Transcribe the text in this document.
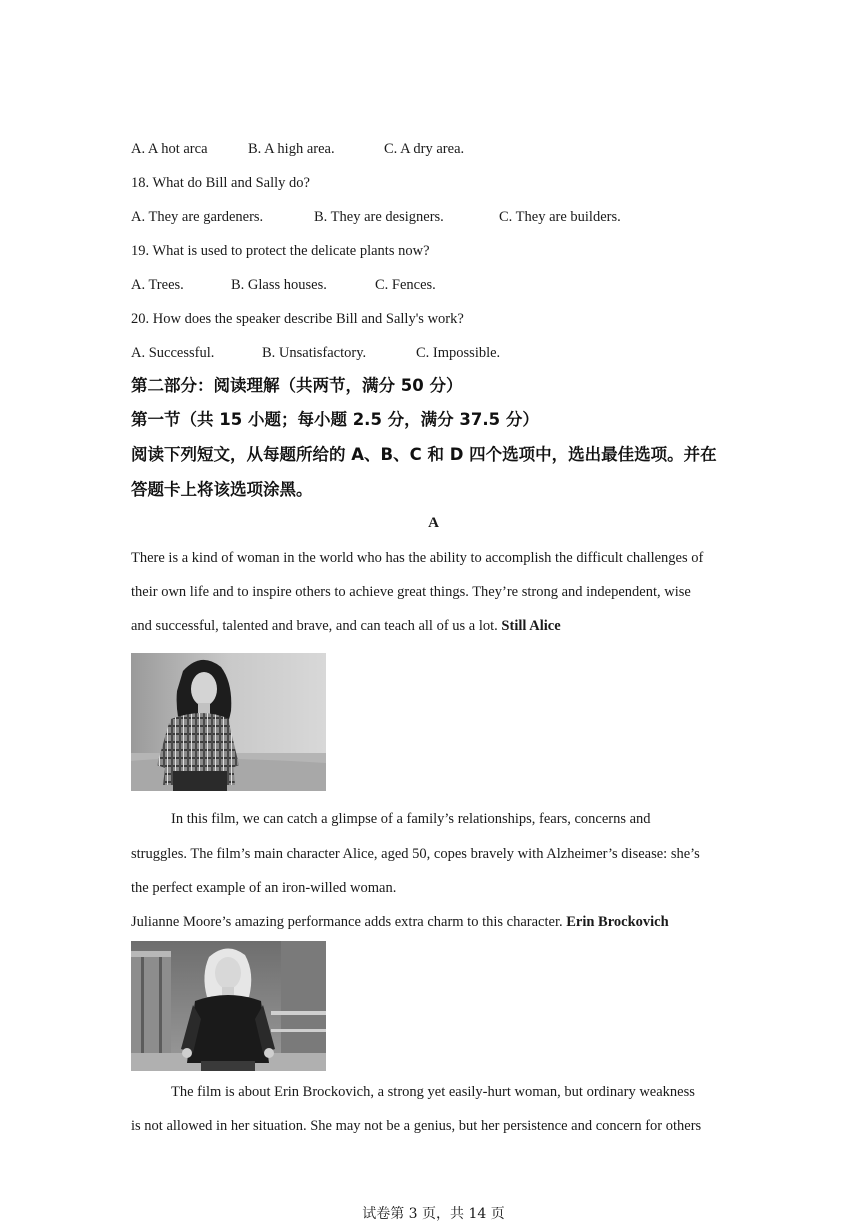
A. A hot arca	B. A high area.	C. A dry area.
18. What do Bill and Sally do?
A. They are gardeners.	B. They are designers.	C. They are builders.
19. What is used to protect the delicate plants now?
A. Trees.	B. Glass houses.	C. Fences.
20. How does the speaker describe Bill and Sally's work?
A. Successful.	B. Unsatisfactory.	C. Impossible.
第二部分：阅读理解（共两节，满分 50 分）
第一节（共 15 小题；每小题 2.5 分，满分 37.5 分）
阅读下列短文，从每题所给的 A、B、C 和 D 四个选项中，选出最佳选项。并在
答题卡上将该选项涂黑。
A
There is a kind of woman in the world who has the ability to accomplish the difficult challenges of
their own life and to inspire others to achieve great things. They’re strong and independent, wise
and successful, talented and brave, and can teach all of us a lot. Still Alice
In this film, we can catch a glimpse of a family’s relationships, fears, concerns and
struggles. The film’s main character Alice, aged 50, copes bravely with Alzheimer’s disease: she’s
the perfect example of an iron-willed woman.
Julianne Moore’s amazing performance adds extra charm to this character. Erin Brockovich
The film is about Erin Brockovich, a strong yet easily-hurt woman, but ordinary weakness
is not allowed in her situation. She may not be a genius, but her persistence and concern for others
试卷第 3 页，共 14 页
